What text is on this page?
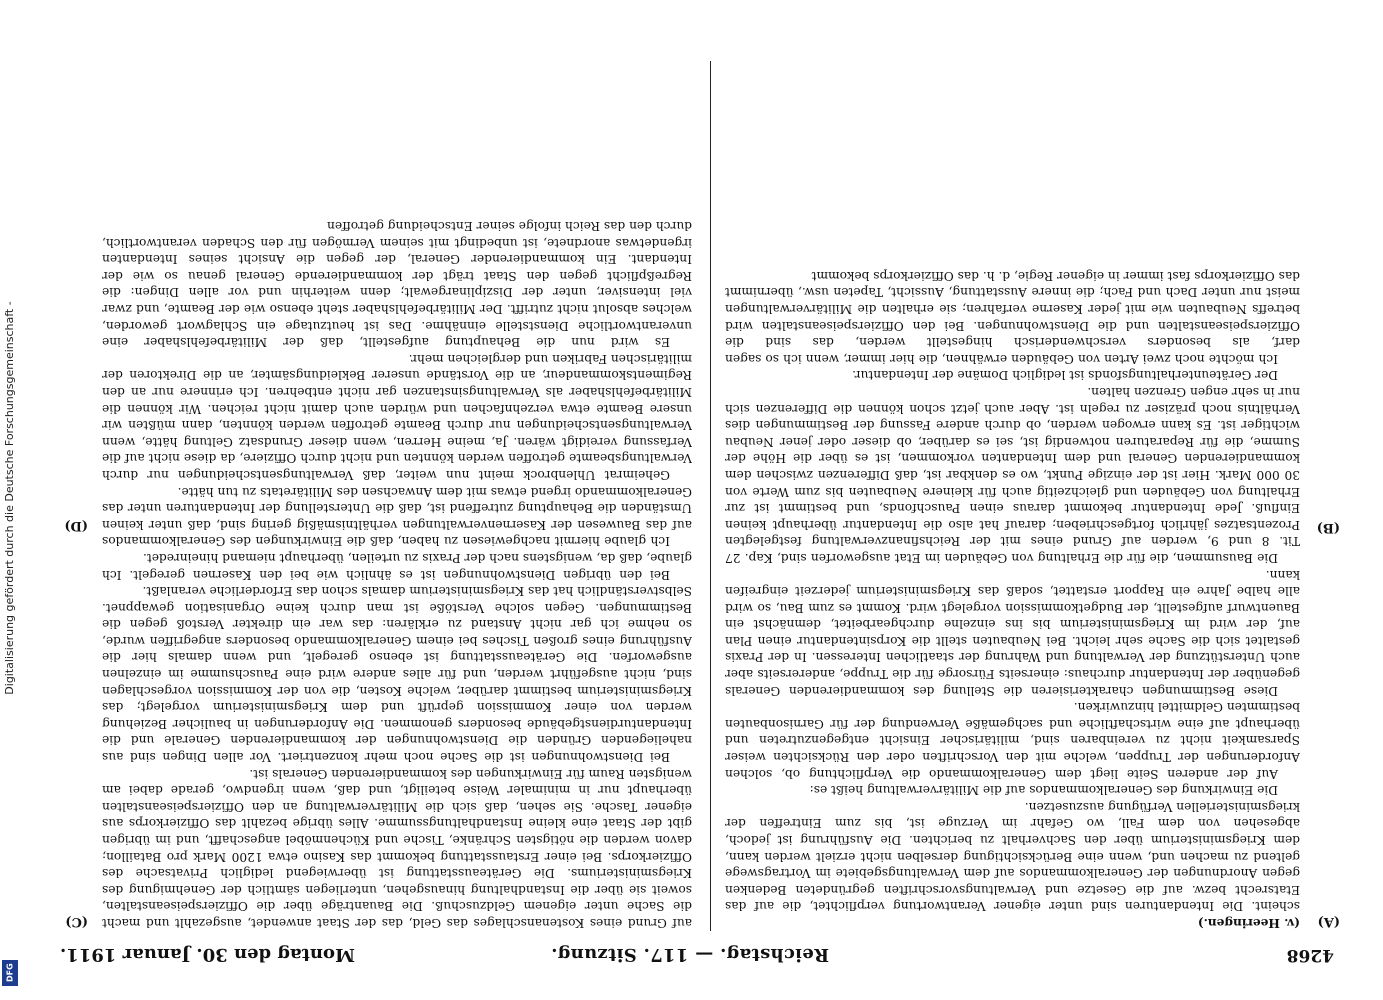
Digitalisierung gefördert durch die Deutsche Forschungsgemeinschaft -
DFG
4268
Reichstag. — 117. Sitzung.
Montag den 30. Januar 1911.
(A)
(B)
(C)
(D)

(v. Heeringen.)

scheint. Die Intendanturen sind unter eigener Verantwortung verpflichtet, die auf das Etatsrecht bezw. auf die Gesetze und Verwaltungsvorschriften gegründeten Bedenken gegen Anordnungen der Generalkommandos auf dem Verwaltungsgebiete im Vortragswege geltend zu machen und, wenn eine Berücksichtigung derselben nicht erzielt werden kann, dem Kriegsministerium über den Sachverhalt zu berichten. Die Ausführung ist jedoch, abgesehen von dem Fall, wo Gefahr im Verzuge ist, bis zum Eintreffen der kriegsministeriellen Verfügung auszusetzen.

Die Einwirkung des Generalkommandos auf die Militärverwaltung heißt es:

Auf der anderen Seite liegt dem Generalkommando die Verpflichtung ob, solchen Anforderungen der Truppen, welche mit den Vorschriften oder den Rücksichten weiser Sparsamkeit nicht zu vereinbaren sind, militärischer Einsicht entgegenzutreten und überhaupt auf eine wirtschaftliche und sachgemäße Verwendung der für Garnisonbauten bestimmten Geldmittel hinzuwirken.

Diese Bestimmungen charakterisieren die Stellung des kommandierenden Generals gegenüber der Intendantur durchaus: einerseits Fürsorge für die Truppe, andererseits aber auch Unterstützung der Verwaltung und Wahrung der staatlichen Interessen. In der Praxis gestaltet sich die Sache sehr leicht. Bei Neubauten stellt die Korpsintendantur einen Plan auf, der wird im Kriegsministerium bis ins einzelne durchgearbeitet, demnächst ein Bauentwurf aufgestellt, der Budgetkommission vorgelegt wird. Kommt es zum Bau, so wird alle halbe Jahre ein Rapport erstattet, sodaß das Kriegsministerium jederzeit eingreifen kann.

Die Bausummen, die für die Erhaltung von Gebäuden im Etat ausgeworfen sind, Kap. 27 Tit. 8 und 9, werden auf Grund eines mit der Reichsfinanzverwaltung festgelegten Prozentsatzes jährlich fortgeschrieben; darauf hat also die Intendantur überhaupt keinen Einfluß. Jede Intendantur bekommt daraus einen Pauschfonds, und bestimmt ist zur Erhaltung von Gebäuden und gleichzeitig auch für kleinere Neubauten bis zum Werte von 30 000 Mark. Hier ist der einzige Punkt, wo es denkbar ist, daß Differenzen zwischen dem kommandierenden General und dem Intendanten vorkommen, ist es über die Höhe der Summe, die für Reparaturen notwendig ist, sei es darüber, ob dieser oder jener Neubau wichtiger ist. Es kann erwogen werden, ob durch andere Fassung der Bestimmungen dies Verhältnis noch präziser zu regeln ist. Aber auch jetzt schon können die Differenzen sich nur in sehr engen Grenzen halten.

Der Geräteunterhaltungsfonds ist lediglich Domäne der Intendantur.

Ich möchte noch zwei Arten von Gebäuden erwähnen, die hier immer, wenn ich so sagen darf, als besonders verschwenderisch hingestellt werden, das sind die Offizierspeiseanstalten und die Dienstwohnungen. Bei den Offizierspeiseanstalten wird betreffs Neubauten wie mit jeder Kaserne verfahren; sie erhalten die Militärverwaltungen meist nur unter Dach und Fach; die innere Ausstattung, Aussicht, Tapeten usw., übernimmt das Offizierkorps fast immer in eigener Regie, d. h. das Offizierkorps bekommt

auf Grund eines Kostenanschlages das Geld, das der Staat anwendet, ausgezahlt und macht die Sache unter eigenem Geldzuschuß. Die Bauanträge über die Offizierspeiseanstalten, soweit sie über die Instandhaltung hinausgehen, unterliegen sämtlich der Genehmigung des Kriegsministeriums. Die Geräteausstattung ist überwiegend lediglich Privatsache des Offizierkorps. Bei einer Erstausstattung bekommt das Kasino etwa 1200 Mark pro Bataillon; davon werden die nötigsten Schränke, Tische und Küchenmöbel angeschafft, und im übrigen gibt der Staat eine kleine Instandhaltungssumme. Alles übrige bezahlt das Offizierkorps aus eigener Tasche. Sie sehen, daß sich die Militärverwaltung an den Offizierspeiseanstalten überhaupt nur in minimaler Weise beteiligt, und daß, wenn irgendwo, gerade dabei am wenigsten Raum für Einwirkungen des kommandierenden Generals ist.

Bei Dienstwohnungen ist die Sache noch mehr konzentriert. Vor allen Dingen sind aus naheliegenden Gründen die Dienstwohnungen der kommandierenden Generale und die Intendanturdienstgebäude besonders genommen. Die Anforderungen in baulicher Beziehung werden von einer Kommission geprüft und dem Kriegsministerium vorgelegt; das Kriegsministerium bestimmt darüber, welche Kosten, die von der Kommission vorgeschlagen sind, nicht ausgeführt werden, und für alles andere wird eine Pauschsumme im einzelnen ausgeworfen. Die Geräteausstattung ist ebenso geregelt, und wenn damals hier die Ausführung eines großen Tisches bei einem Generalkommando besonders angegriffen wurde, so nehme ich gar nicht Anstand zu erklären: das war ein direkter Verstoß gegen die Bestimmungen. Gegen solche Verstöße ist man durch keine Organisation gewappnet. Selbstverständlich hat das Kriegsministerium damals schon das Erforderliche veranlaßt.

Bei den übrigen Dienstwohnungen ist es ähnlich wie bei den Kasernen geregelt. Ich glaube, daß da, wenigstens nach der Praxis zu urteilen, überhaupt niemand hineinredet.

Ich glaube hiermit nachgewiesen zu haben, daß die Einwirkungen des Generalkommandos auf das Bauwesen der Kasernenverwaltungen verhältnismäßig gering sind, daß unter keinen Umständen die Behauptung zutreffend ist, daß die Unterstellung der Intendanturen unter das Generalkommando irgend etwas mit dem Anwachsen des Militäretats zu tun hätte.

Geheimrat Uhlenbrock meint nun weiter, daß Verwaltungsentscheidungen nur durch Verwaltungsbeamte getroffen werden könnten und nicht durch Offiziere, da diese nicht auf die Verfassung vereidigt wären. Ja, meine Herren, wenn dieser Grundsatz Geltung hätte, wenn Verwaltungsentscheidungen nur durch Beamte getroffen werden könnten, dann müßten wir unsere Beamte etwa verzehnfachen und würden auch damit nicht reichen. Wir können die Militärbefehlshaber als Verwaltungsinstanzen gar nicht entbehren. Ich erinnere nur an den Regimentskommandeur, an die Vorstände unserer Bekleidungsämter, an die Direktoren der militärischen Fabriken und dergleichen mehr.

Es wird nun die Behauptung aufgestellt, daß der Militärbefehlshaber eine unverantwortliche Dienststelle einnähme. Das ist heutzutage ein Schlagwort geworden, welches absolut nicht zutrifft. Der Militärbefehlshaber steht ebenso wie der Beamte, und zwar viel intensiver, unter der Disziplinargewalt; denn weiterhin und vor allen Dingen: die Regreßpflicht gegen den Staat trägt der kommandierende General genau so wie der Intendant. Ein kommandierender General, der gegen die Ansicht seines Intendanten irgendetwas anordnete, ist unbedingt mit seinem Vermögen für den Schaden verantwortlich, durch den das Reich infolge seiner Entscheidung getroffen
